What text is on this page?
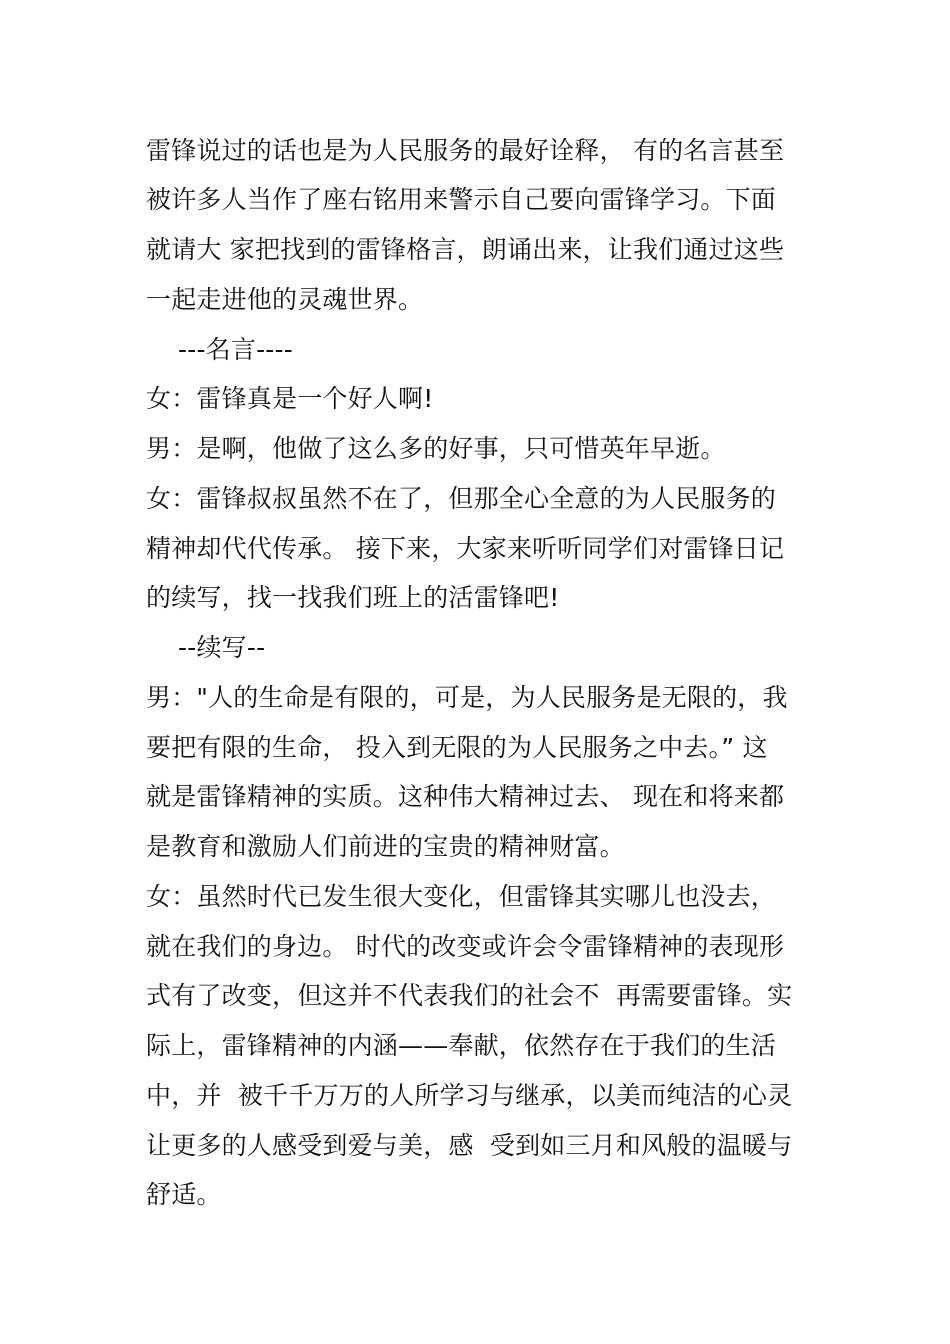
雷锋说过的话也是为人民服务的最好诠释， 有的名言甚至
被许多人当作了座右铭用来警示自己要向雷锋学习。下面
就请大 家把找到的雷锋格言，朗诵出来，让我们通过这些
一起走进他的灵魂世界。
---名言----
女：雷锋真是一个好人啊!
男：是啊，他做了这么多的好事，只可惜英年早逝。
女：雷锋叔叔虽然不在了，但那全心全意的为人民服务的
精神却代代传承。 接下来，大家来听听同学们对雷锋日记
的续写，找一找我们班上的活雷锋吧!
--续写--
男："人的生命是有限的，可是，为人民服务是无限的，我
要把有限的生命， 投入到无限的为人民服务之中去。” 这
就是雷锋精神的实质。这种伟大精神过去、 现在和将来都
是教育和激励人们前进的宝贵的精神财富。
女：虽然时代已发生很大变化，但雷锋其实哪儿也没去，
就在我们的身边。 时代的改变或许会令雷锋精神的表现形
式有了改变，但这并不代表我们的社会不  再需要雷锋。实
际上，雷锋精神的内涵——奉献，依然存在于我们的生活
中，并  被千千万万的人所学习与继承，以美而纯洁的心灵
让更多的人感受到爱与美，感  受到如三月和风般的温暖与
舒适。
